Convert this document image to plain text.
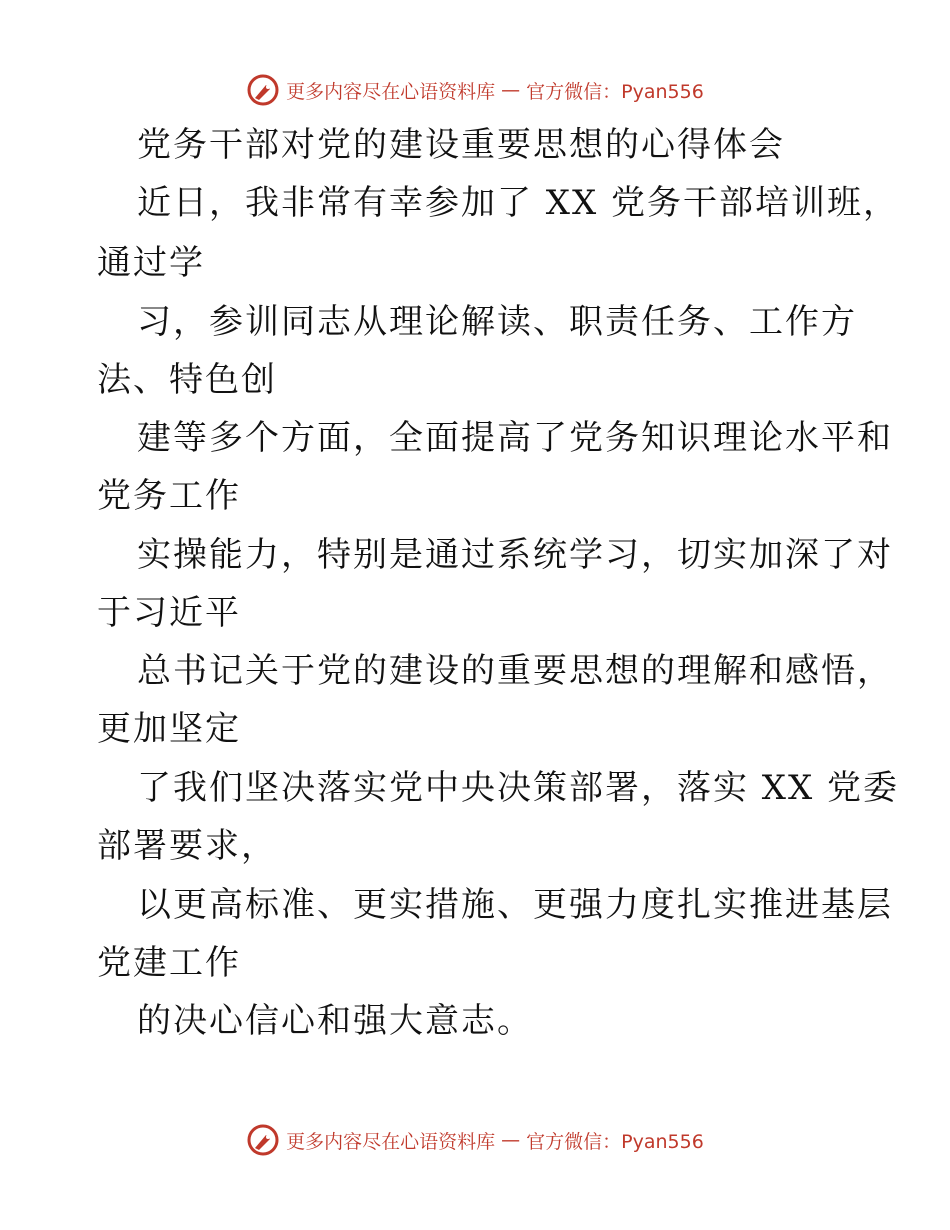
更多内容尽在心语资料库 — 官方微信：Pyan556
党务干部对党的建设重要思想的心得体会
近日，我非常有幸参加了 XX 党务干部培训班，
通过学
习，参训同志从理论解读、职责任务、工作方
法、特色创
建等多个方面，全面提高了党务知识理论水平和
党务工作
实操能力，特别是通过系统学习，切实加深了对
于习近平
总书记关于党的建设的重要思想的理解和感悟，
更加坚定
了我们坚决落实党中央决策部署，落实 XX 党委
部署要求，
以更高标准、更实措施、更强力度扎实推进基层
党建工作
的决心信心和强大意志。
更多内容尽在心语资料库 — 官方微信：Pyan556
